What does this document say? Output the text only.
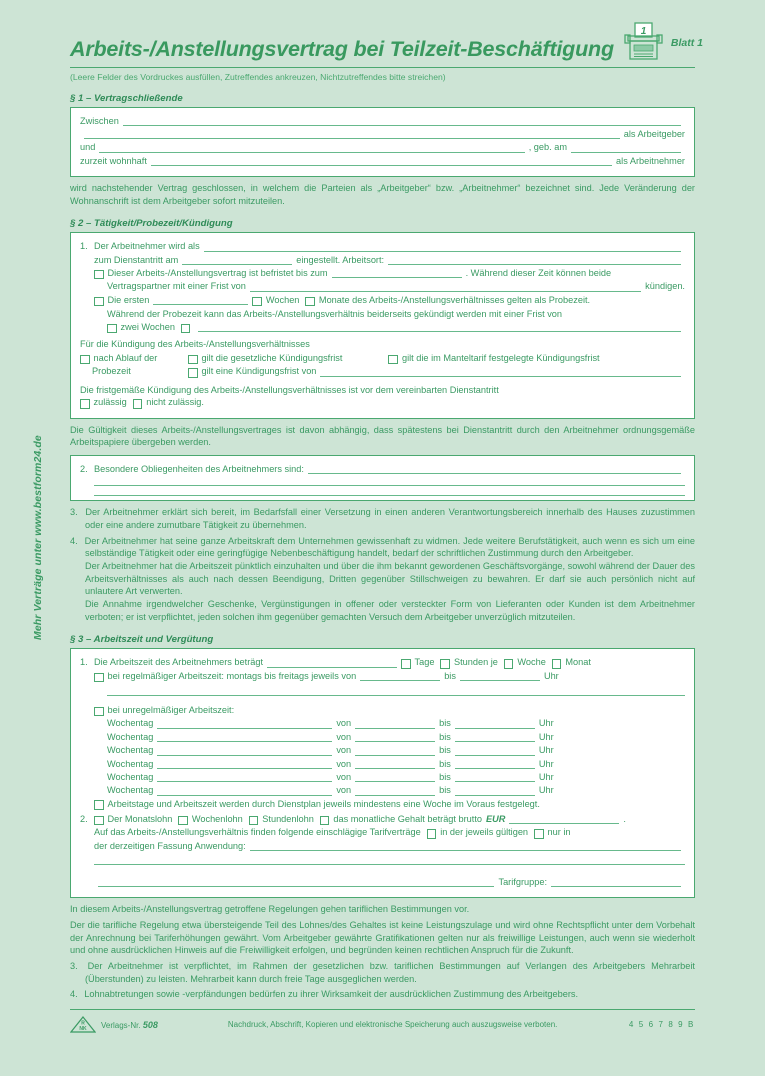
Mehr Verträge unter www.bestform24.de
1
Blatt 1
Arbeits-/Anstellungsvertrag bei Teilzeit-Beschäftigung
(Leere Felder des Vordruckes ausfüllen, Zutreffendes ankreuzen, Nichtzutreffendes bitte streichen)
§ 1 – Vertragschließende
Zwischen
als Arbeitgeber
und	, geb. am
zurzeit wohnhaft	als Arbeitnehmer
wird nachstehender Vertrag geschlossen, in welchem die Parteien als „Arbeitgeber“ bzw. „Arbeitnehmer“ bezeichnet sind. Jede Veränderung der Wohnanschrift ist dem Arbeitgeber sofort mitzuteilen.
§ 2 – Tätigkeit/Probezeit/Kündigung
1. Der Arbeitnehmer wird als
zum Dienstantritt am	eingestellt. Arbeitsort:
Dieser Arbeits-/Anstellungsvertrag ist befristet bis zum	. Während dieser Zeit können beide
Vertragspartner mit einer Frist von	kündigen.
Die ersten	Wochen Monate des Arbeits-/Anstellungsverhältnisses gelten als Probezeit.
Während der Probezeit kann das Arbeits-/Anstellungsverhältnis beiderseits gekündigt werden mit einer Frist von
zwei Wochen
Für die Kündigung des Arbeits-/Anstellungsverhältnisses
nach Ablauf der
Probezeit
gilt die gesetzliche Kündigungsfrist	gilt die im Manteltarif festgelegte Kündigungsfrist
gilt eine Kündigungsfrist von
Die fristgemäße Kündigung des Arbeits-/Anstellungsverhältnisses ist vor dem vereinbarten Dienstantritt
zulässig nicht zulässig.
Die Gültigkeit dieses Arbeits-/Anstellungsvertrages ist davon abhängig, dass spätestens bei Dienstantritt durch den Arbeitnehmer ordnungsgemäße Arbeitspapiere übergeben werden.
2. Besondere Obliegenheiten des Arbeitnehmers sind:
3. Der Arbeitnehmer erklärt sich bereit, im Bedarfsfall einer Versetzung in einen anderen Verantwortungsbereich innerhalb des Hauses zuzustimmen oder eine andere zumutbare Tätigkeit zu übernehmen.
4. Der Arbeitnehmer hat seine ganze Arbeitskraft dem Unternehmen gewissenhaft zu widmen. Jede weitere Berufstätigkeit, auch wenn es sich um eine selbständige Tätigkeit oder eine geringfügige Nebenbeschäftigung handelt, bedarf der schriftlichen Zustimmung durch den Arbeitgeber.
Der Arbeitnehmer hat die Arbeitszeit pünktlich einzuhalten und über die ihm bekannt gewordenen Geschäftsvorgänge, sowohl während der Dauer des Arbeitsverhältnisses als auch nach dessen Beendigung, Dritten gegenüber Stillschweigen zu bewahren. Er darf sie auch persönlich nicht auf unlautere Art verwerten.
Die Annahme irgendwelcher Geschenke, Vergünstigungen in offener oder versteckter Form von Lieferanten oder Kunden ist dem Arbeitnehmer verboten; er ist verpflichtet, jeden solchen ihm gegenüber gemachten Versuch dem Arbeitgeber unverzüglich mitzuteilen.
§ 3 – Arbeitszeit und Vergütung
1. Die Arbeitszeit des Arbeitnehmers beträgt	Tage Stunden je Woche Monat
bei regelmäßiger Arbeitszeit: montags bis freitags jeweils von	bis	Uhr
bei unregelmäßiger Arbeitszeit:
Wochentag	von	bis	Uhr
Wochentag	von	bis	Uhr
Wochentag	von	bis	Uhr
Wochentag	von	bis	Uhr
Wochentag	von	bis	Uhr
Wochentag	von	bis	Uhr
Arbeitstage und Arbeitszeit werden durch Dienstplan jeweils mindestens eine Woche im Voraus festgelegt.
2.	Der Monatslohn Wochenlohn Stundenlohn das monatliche Gehalt beträgt brutto EUR	.
Auf das Arbeits-/Anstellungsverhältnis finden folgende einschlägige Tarifverträge in der jeweils gültigen nur in
der derzeitigen Fassung Anwendung:
Tarifgruppe:
In diesem Arbeits-/Anstellungsvertrag getroffene Regelungen gehen tariflichen Bestimmungen vor.
Der die tarifliche Regelung etwa übersteigende Teil des Lohnes/des Gehaltes ist keine Leistungszulage und wird ohne Rechtspflicht unter dem Vorbehalt der Anrechnung bei Tariferhöhungen gewährt. Vom Arbeitgeber gewährte Gratifikationen gelten nur als freiwillige Leistungen, auch wenn sie wiederholt und ohne ausdrücklichen Hinweis auf die Freiwilligkeit erfolgen, und begründen keinen rechtlichen Anspruch für die Zukunft.
3. Der Arbeitnehmer ist verpflichtet, im Rahmen der gesetzlichen bzw. tariflichen Bestimmungen auf Verlangen des Arbeitgebers Mehrarbeit (Überstunden) zu leisten. Mehrarbeit kann durch freie Tage ausgeglichen werden.
4. Lohnabtretungen sowie -verpfändungen bedürfen zu ihrer Wirksamkeit der ausdrücklichen Zustimmung des Arbeitgebers.
R
NK Verlags-Nr. 508	Nachdruck, Abschrift, Kopieren und elektronische Speicherung auch auszugsweise verboten.	4 5 6 7 8 9 B
